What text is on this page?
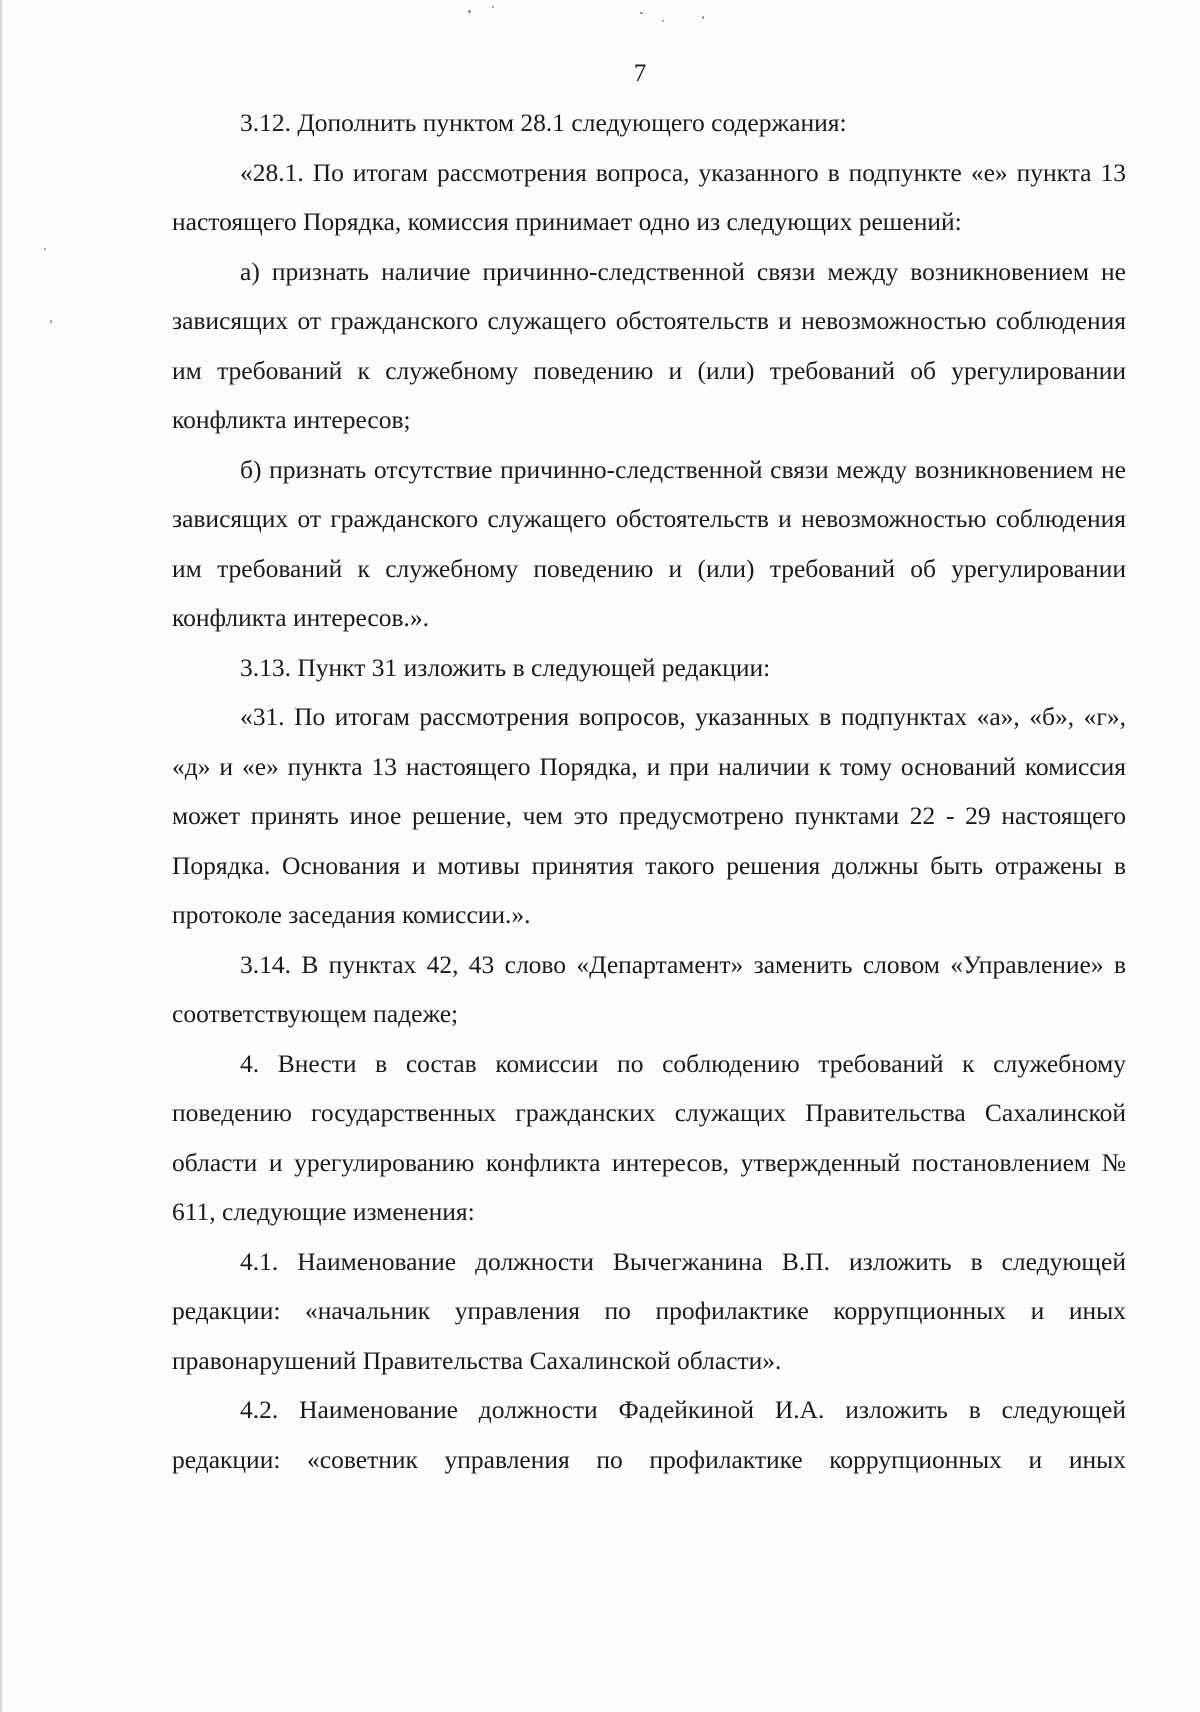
7

3.12. Дополнить пунктом 28.1 следующего содержания:

«28.1. По итогам рассмотрения вопроса, указанного в подпункте «е» пункта 13 настоящего Порядка, комиссия принимает одно из следующих решений:

а) признать наличие причинно-следственной связи между возникновением не зависящих от гражданского служащего обстоятельств и невозможностью соблюдения им требований к служебному поведению и (или) требований об урегулировании конфликта интересов;

б) признать отсутствие причинно-следственной связи между возникновением не зависящих от гражданского служащего обстоятельств и невозможностью соблюдения им требований к служебному поведению и (или) требований об урегулировании конфликта интересов.».

3.13. Пункт 31 изложить в следующей редакции:

«31. По итогам рассмотрения вопросов, указанных в подпунктах «а», «б», «г», «д» и «е» пункта 13 настоящего Порядка, и при наличии к тому оснований комиссия может принять иное решение, чем это предусмотрено пунктами 22 - 29 настоящего Порядка. Основания и мотивы принятия такого решения должны быть отражены в протоколе заседания комиссии.».

3.14. В пунктах 42, 43 слово «Департамент» заменить словом «Управление» в соответствующем падеже;

4. Внести в состав комиссии по соблюдению требований к служебному поведению государственных гражданских служащих Правительства Сахалинской области и урегулированию конфликта интересов, утвержденный постановлением № 611, следующие изменения:

4.1. Наименование должности Вычегжанина В.П. изложить в следующей редакции: «начальник управления по профилактике коррупционных и иных правонарушений Правительства Сахалинской области».

4.2. Наименование должности Фадейкиной И.А. изложить в следующей редакции: «советник управления по профилактике коррупционных и иных
